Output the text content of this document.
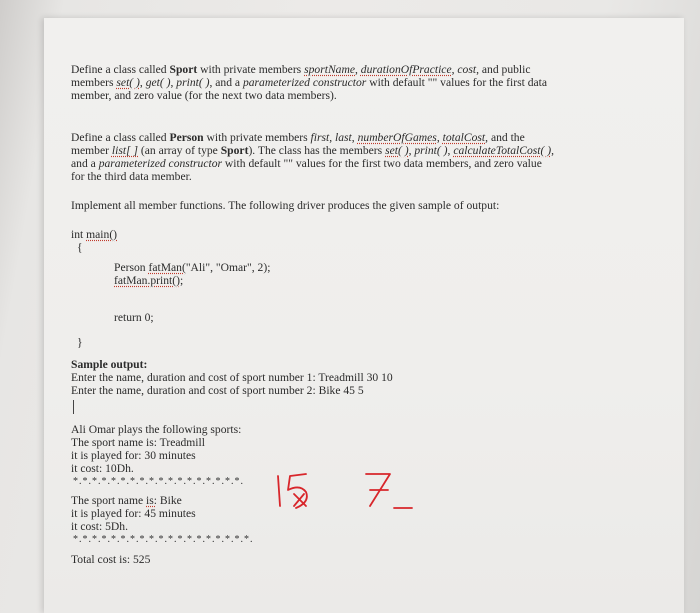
Define a class called Sport with private members sportName, durationOfPractice, cost, and public
members set( ), get( ), print( ), and a parameterized constructor with default "" values for the first data
member, and zero value (for the next two data members).
Define a class called Person with private members first, last, numberOfGames, totalCost, and the
member list[ ] (an array of type Sport). The class has the members set( ), print( ), calculateTotalCost( ),
and a parameterized constructor with default "" values for the first two data members, and zero value
for the third data member.
Implement all member functions. The following driver produces the given sample of output:
int main()
{
Person fatMan("Ali", "Omar", 2);
fatMan.print();
return 0;
}
Sample output:
Enter the name, duration and cost of sport number 1: Treadmill 30 10
Enter the name, duration and cost of sport number 2: Bike 45 5
Ali Omar plays the following sports:
The sport name is: Treadmill
it is played for: 30 minutes
it cost: 10Dh.
*.*.*.*.*.*.*.*.*.*.*.*.*.*.*.*.*.*.
The sport name is: Bike
it is played for: 45 minutes
it cost: 5Dh.
*.*.*.*.*.*.*.*.*.*.*.*.*.*.*.*.*.*.*.
Total cost is: 525
